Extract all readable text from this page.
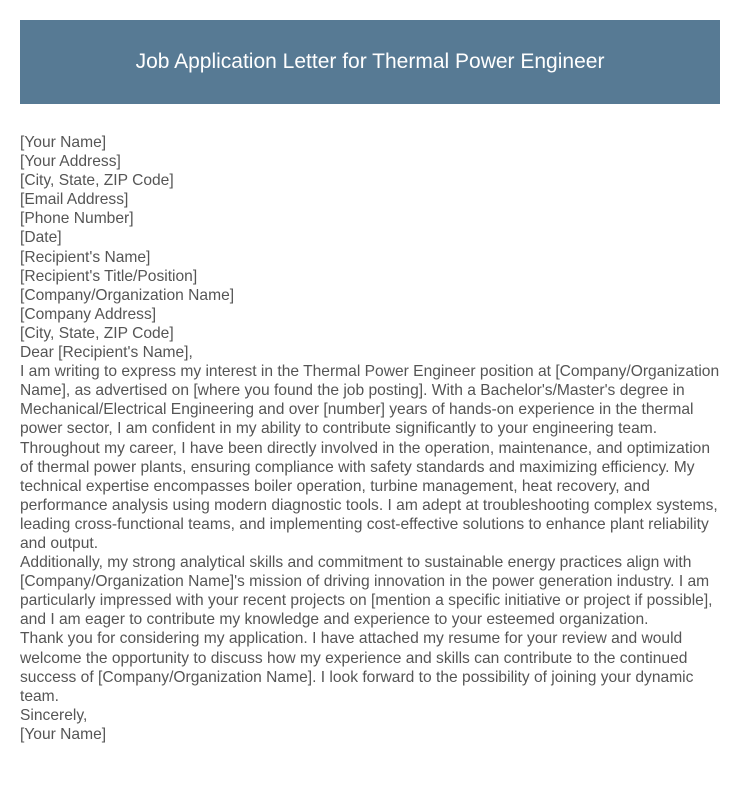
Job Application Letter for Thermal Power Engineer

[Your Name]

[Your Address]

[City, State, ZIP Code]

[Email Address]

[Phone Number]

[Date]

[Recipient's Name]

[Recipient's Title/Position]

[Company/Organization Name]

[Company Address]

[City, State, ZIP Code]

Dear [Recipient's Name],

I am writing to express my interest in the Thermal Power Engineer position at [Company/Organization Name], as advertised on [where you found the job posting]. With a Bachelor's/Master's degree in Mechanical/Electrical Engineering and over [number] years of hands-on experience in the thermal power sector, I am confident in my ability to contribute significantly to your engineering team.

Throughout my career, I have been directly involved in the operation, maintenance, and optimization of thermal power plants, ensuring compliance with safety standards and maximizing efficiency. My technical expertise encompasses boiler operation, turbine management, heat recovery, and performance analysis using modern diagnostic tools. I am adept at troubleshooting complex systems, leading cross-functional teams, and implementing cost-effective solutions to enhance plant reliability and output.

Additionally, my strong analytical skills and commitment to sustainable energy practices align with [Company/Organization Name]'s mission of driving innovation in the power generation industry. I am particularly impressed with your recent projects on [mention a specific initiative or project if possible], and I am eager to contribute my knowledge and experience to your esteemed organization.

Thank you for considering my application. I have attached my resume for your review and would welcome the opportunity to discuss how my experience and skills can contribute to the continued success of [Company/Organization Name]. I look forward to the possibility of joining your dynamic team.

Sincerely,

[Your Name]
